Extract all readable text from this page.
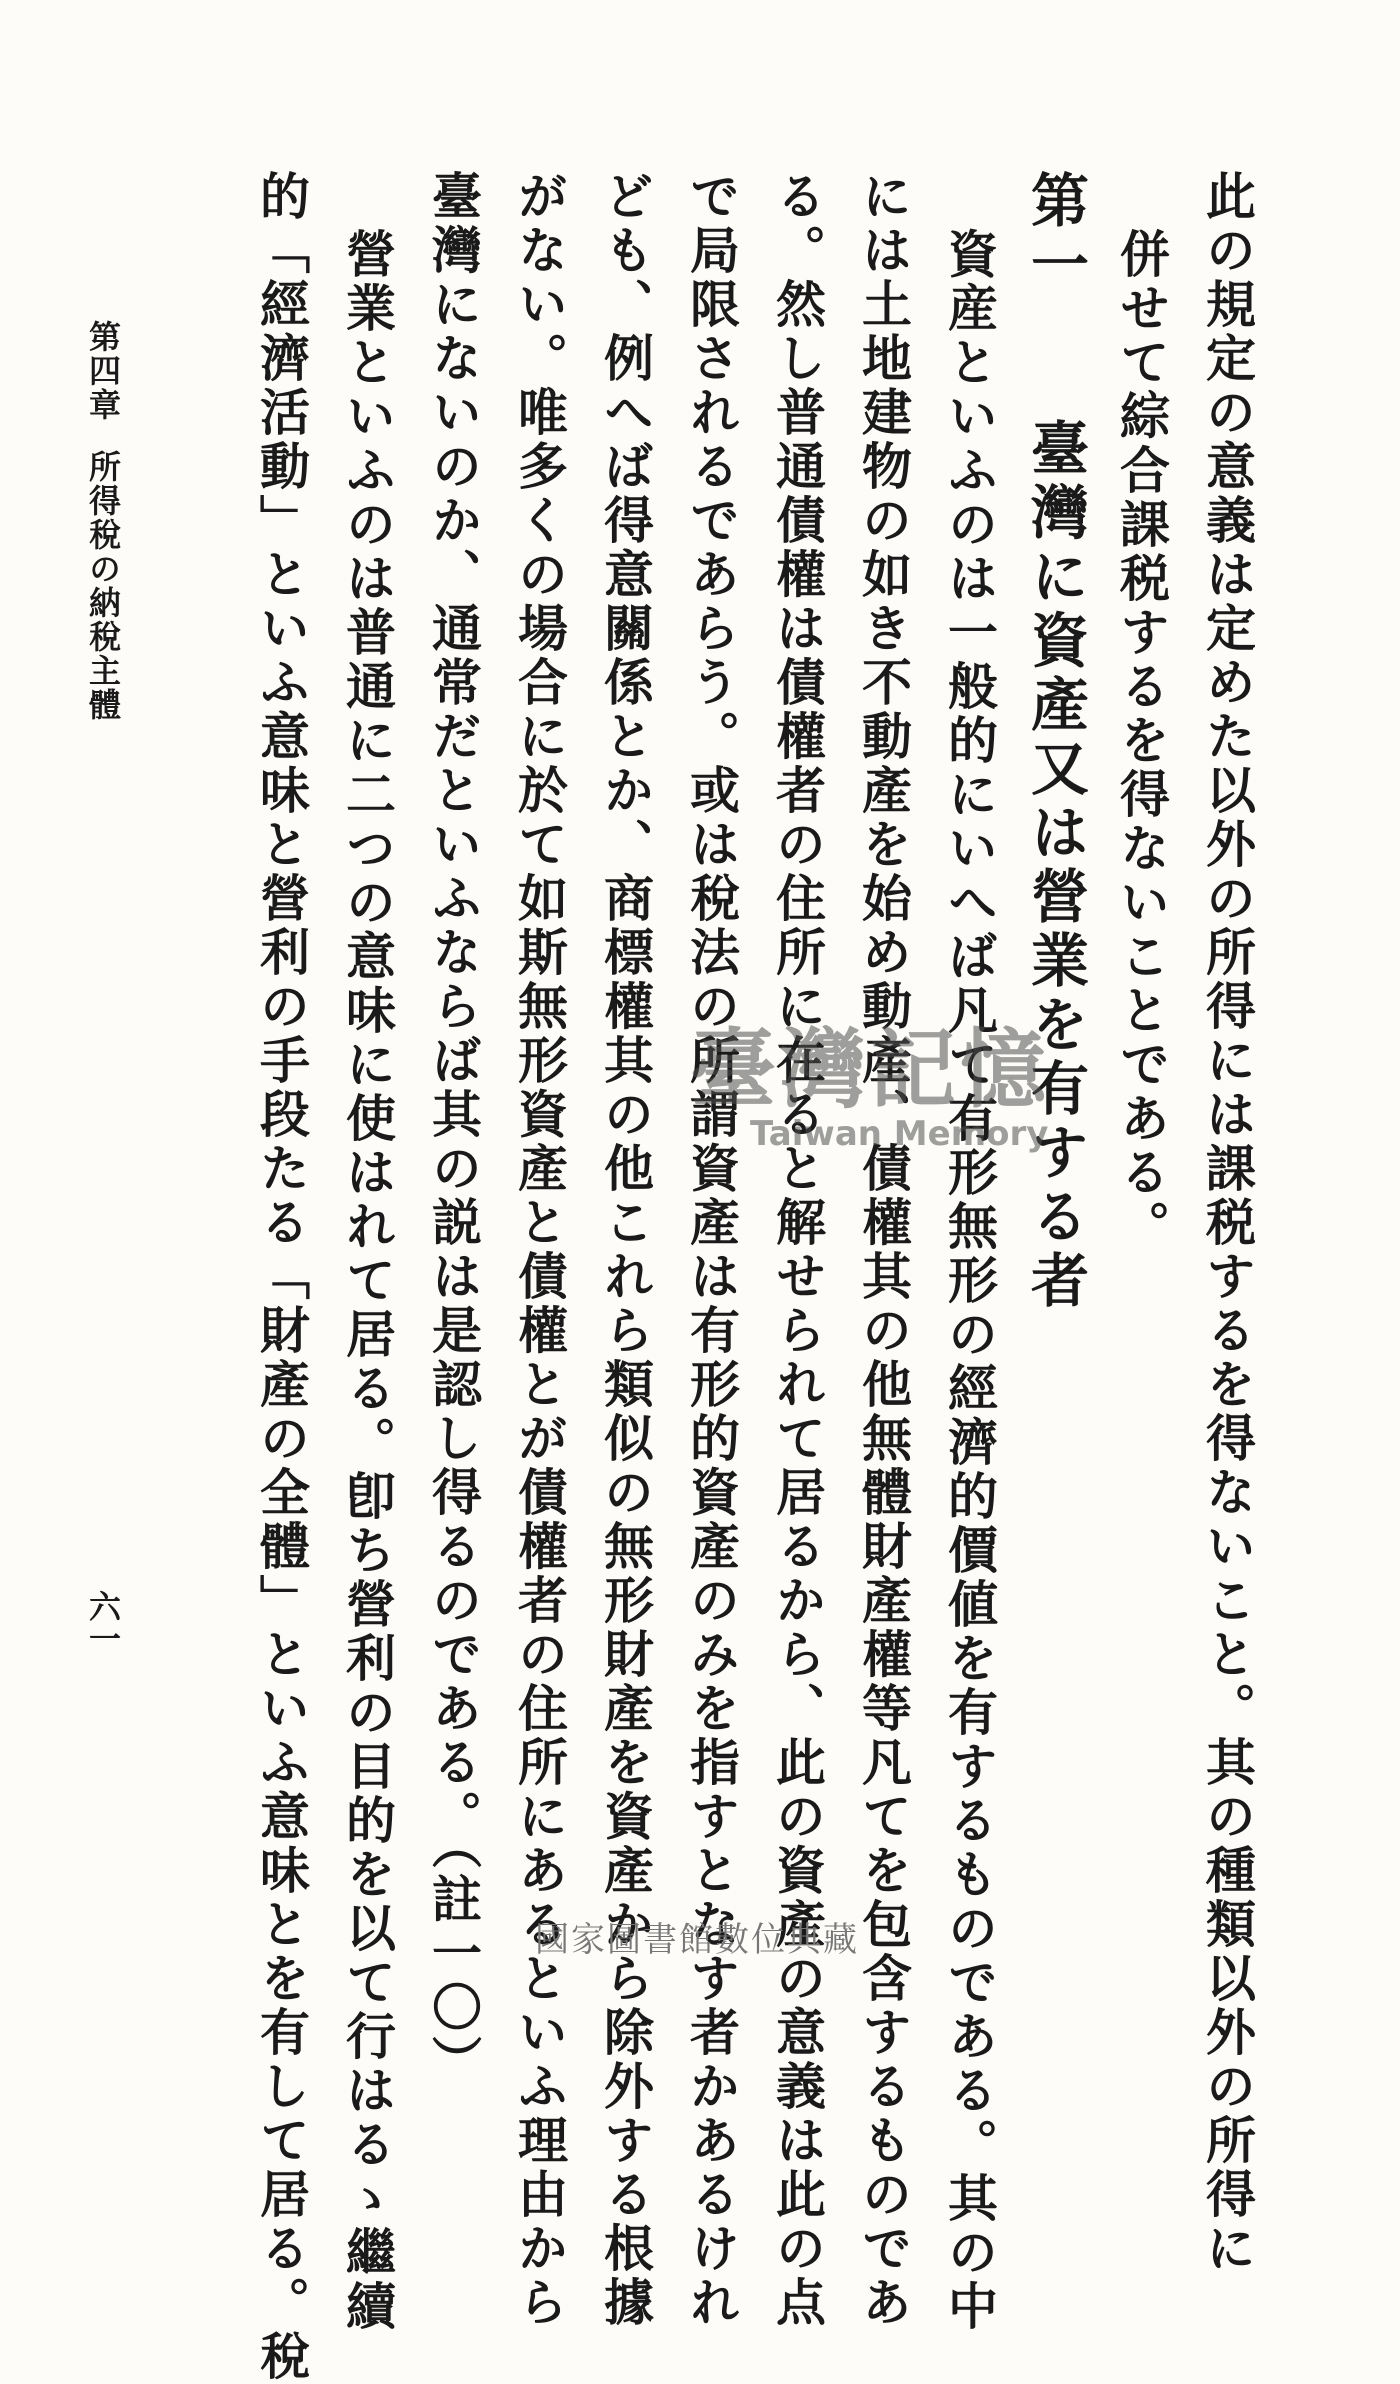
此の規定の意義は定めた以外の所得には課税するを得ないこと。其の種類以外の所得に
併せて綜合課税するを得ないことである。
第一　臺灣に資產又は營業を有する者
資産といふのは一般的にいへば凡て有形無形の經濟的價値を有するものである。其の中
には土地建物の如き不動產を始め動產、債權其の他無體財產權等凡てを包含するものであ
る。然し普通債權は債權者の住所に在ると解せられて居るから、此の資產の意義は此の点
で局限されるであらう。或は稅法の所謂資產は有形的資產のみを指すとなす者かあるけれ
ども、例へば得意關係とか、商標權其の他これら類似の無形財產を資產から除外する根據
がない。唯多くの場合に於て如斯無形資產と債權とが債權者の住所にあるといふ理由から
臺灣にないのか、通常だといふならば其の説は是認し得るのである。（註一〇）
營業といふのは普通に二つの意味に使はれて居る。卽ち營利の目的を以て行はるゝ繼續
的「經濟活動」といふ意味と營利の手段たる「財產の全體」といふ意味とを有して居る。稅
第四章所得稅の納稅主體
六一
臺灣記憶
Taiwan Memory
國家圖書館數位典藏
